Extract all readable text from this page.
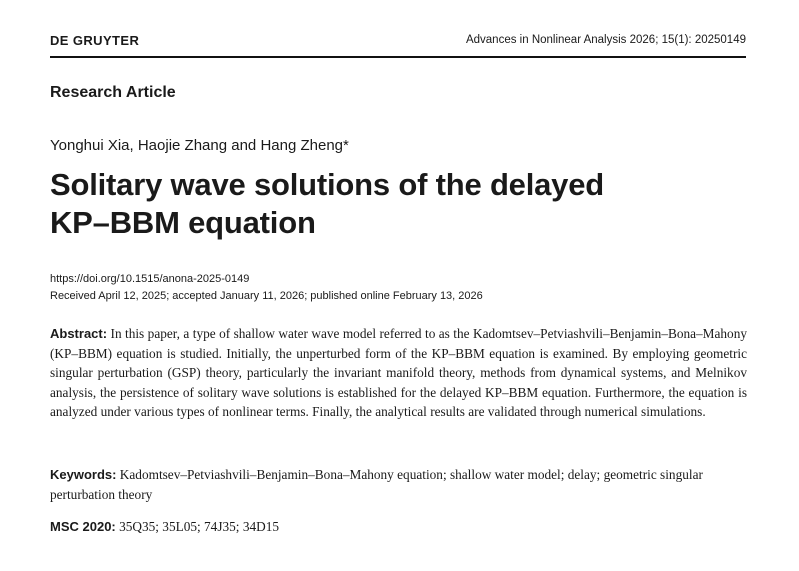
DE GRUYTER	Advances in Nonlinear Analysis 2026; 15(1): 20250149
Research Article
Yonghui Xia, Haojie Zhang and Hang Zheng*
Solitary wave solutions of the delayed
KP–BBM equation
https://doi.org/10.1515/anona-2025-0149
Received April 12, 2025; accepted January 11, 2026; published online February 13, 2026

Abstract: In this paper, a type of shallow water wave model referred to as the Kadomtsev–Petviashvili–Benjamin–Bona–Mahony (KP–BBM) equation is studied. Initially, the unperturbed form of the KP–BBM equation is examined. By employing geometric singular perturbation (GSP) theory, particularly the invariant manifold theory, methods from dynamical systems, and Melnikov analysis, the persistence of solitary wave solutions is established for the delayed KP–BBM equation. Furthermore, the equation is analyzed under various types of nonlinear terms. Finally, the analytical results are validated through numerical simulations.

Keywords: Kadomtsev–Petviashvili–Benjamin–Bona–Mahony equation; shallow water model; delay; geometric singular perturbation theory

MSC 2020: 35Q35; 35L05; 74J35; 34D15
